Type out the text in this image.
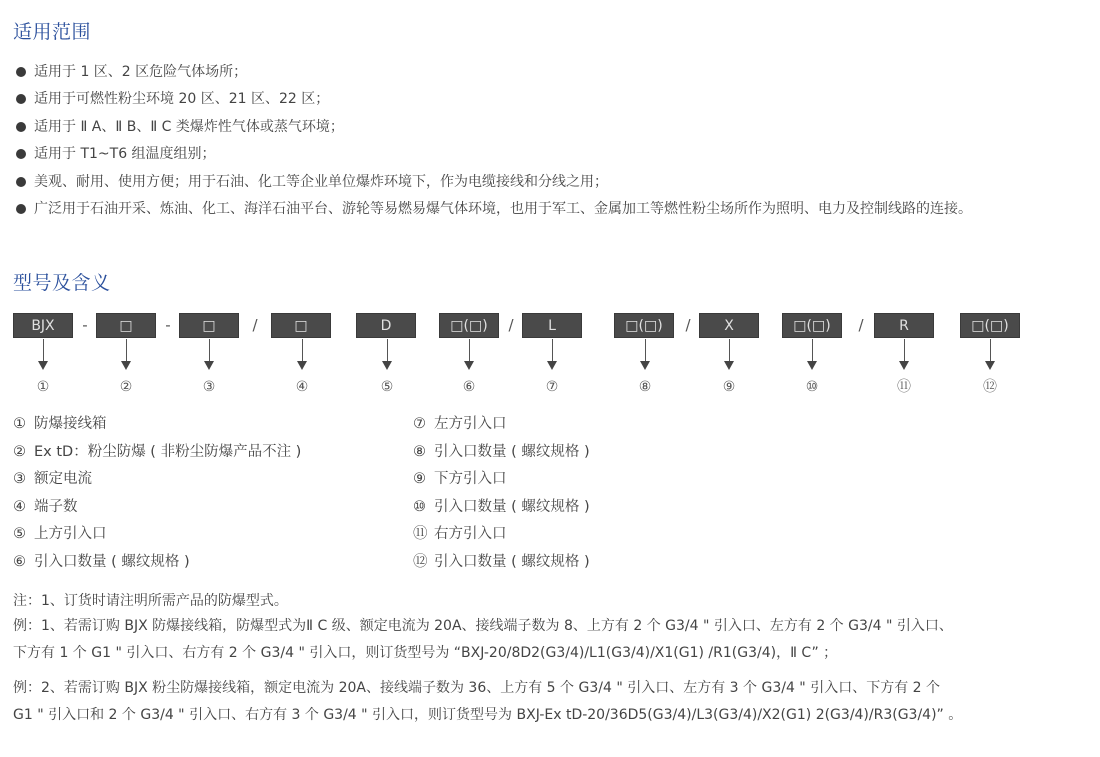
适用范围
适用于 1 区、2 区危险气体场所；
适用于可燃性粉尘环境 20 区、21 区、22 区；
适用于 Ⅱ A、Ⅱ B、Ⅱ C 类爆炸性气体或蒸气环境；
适用于 T1~T6 组温度组别；
美观、耐用、使用方便；用于石油、化工等企业单位爆炸环境下，作为电缆接线和分线之用；
广泛用于石油开采、炼油、化工、海洋石油平台、游轮等易燃易爆气体环境，也用于军工、金属加工等燃性粉尘场所作为照明、电力及控制线路的连接。
型号及含义
BJX	□	□	□	D	□(□)	L	□(□)	X	□(□)	R	□(□)
-	-	/	/	/	/
①	②	③	④	⑤	⑥	⑦	⑧	⑨	⑩	⑪	⑫
① 防爆接线箱
② Ex tD：粉尘防爆 ( 非粉尘防爆产品不注 )
③ 额定电流
④ 端子数
⑤ 上方引入口
⑥ 引入口数量 ( 螺纹规格 )
⑦ 左方引入口
⑧ 引入口数量 ( 螺纹规格 )
⑨ 下方引入口
⑩ 引入口数量 ( 螺纹规格 )
⑪ 右方引入口
⑫ 引入口数量 ( 螺纹规格 )

注：1、订货时请注明所需产品的防爆型式。

例：1、若需订购 BJX 防爆接线箱，防爆型式为Ⅱ C 级、额定电流为 20A、接线端子数为 8、上方有 2 个 G3/4 " 引入口、左方有 2 个 G3/4 " 引入口、

下方有 1 个 G1 " 引入口、右方有 2 个 G3/4 " 引入口，则订货型号为 “BXJ-20/8D2(G3/4)/L1(G3/4)/X1(G1) /R1(G3/4)，Ⅱ C” ；

例：2、若需订购 BJX 粉尘防爆接线箱，额定电流为 20A、接线端子数为 36、上方有 5 个 G3/4 " 引入口、左方有 3 个 G3/4 " 引入口、下方有 2 个

G1 " 引入口和 2 个 G3/4 " 引入口、右方有 3 个 G3/4 " 引入口，则订货型号为 BXJ-Ex tD-20/36D5(G3/4)/L3(G3/4)/X2(G1) 2(G3/4)/R3(G3/4)” 。
